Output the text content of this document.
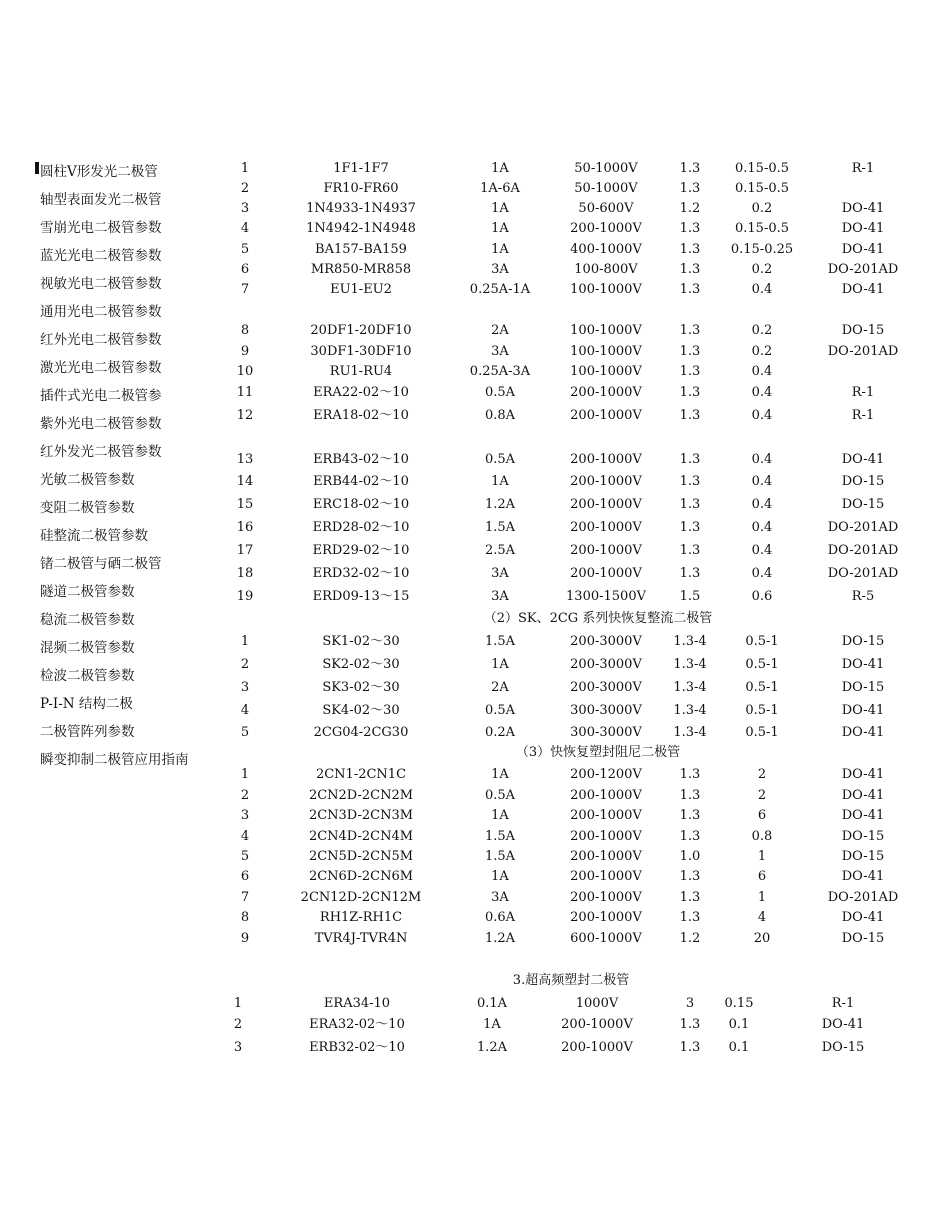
圆柱V形发光二极管
轴型表面发光二极管
雪崩光电二极管参数
蓝光光电二极管参数
视敏光电二极管参数
通用光电二极管参数
红外光电二极管参数
激光光电二极管参数
插件式光电二极管参
紫外光电二极管参数
红外发光二极管参数
光敏二极管参数
变阻二极管参数
硅整流二极管参数
锗二极管与硒二极管
隧道二极管参数
稳流二极管参数
混频二极管参数
检波二极管参数
P-I-N 结构二极
二极管阵列参数
瞬变抑制二极管应用指南
1	1F1-1F7	1A	50-1000V	1.3	0.15-0.5	R-1
2	FR10-FR60	1A-6A	50-1000V	1.3	0.15-0.5
3	1N4933-1N4937	1A	50-600V	1.2	0.2	DO-41
4	1N4942-1N4948	1A	200-1000V	1.3	0.15-0.5	DO-41
5	BA157-BA159	1A	400-1000V	1.3 0.15-0.25	DO-41
6	MR850-MR858	3A	100-800V	1.3	0.2	DO-201AD
7	EU1-EU2	0.25A-1A	100-1000V	1.3	0.4	DO-41
8	20DF1-20DF10	2A	100-1000V	1.3	0.2	DO-15
9	30DF1-30DF10	3A	100-1000V	1.3	0.2	DO-201AD
10	RU1-RU4	0.25A-3A	100-1000V	1.3	0.4
11	ERA22-02～10	0.5A	200-1000V	1.3	0.4	R-1
12	ERA18-02～10	0.8A	200-1000V	1.3	0.4	R-1
13	ERB43-02～10	0.5A	200-1000V	1.3	0.4	DO-41
14	ERB44-02～10	1A	200-1000V	1.3	0.4	DO-15
15	ERC18-02～10	1.2A	200-1000V	1.3	0.4	DO-15
16	ERD28-02～10	1.5A	200-1000V	1.3	0.4	DO-201AD
17	ERD29-02～10	2.5A	200-1000V	1.3	0.4	DO-201AD
18	ERD32-02～10	3A	200-1000V	1.3	0.4	DO-201AD
19	ERD09-13～15	3A	1300-1500V	1.5	0.6	R-5
（2）SK、2CG 系列快恢复整流二极管
1	SK1-02～30	1.5A	200-3000V 1.3-4	0.5-1	DO-15
2	SK2-02～30	1A	200-3000V 1.3-4	0.5-1	DO-41
3	SK3-02～30	2A	200-3000V 1.3-4	0.5-1	DO-15
4	SK4-02～30	0.5A	300-3000V 1.3-4	0.5-1	DO-41
5	2CG04-2CG30	0.2A	300-3000V 1.3-4	0.5-1	DO-41
（3）快恢复塑封阻尼二极管
1	2CN1-2CN1C	1A	200-1200V	1.3	2	DO-41
2	2CN2D-2CN2M	0.5A	200-1000V	1.3	2	DO-41
3	2CN3D-2CN3M	1A	200-1000V	1.3	6	DO-41
4	2CN4D-2CN4M	1.5A	200-1000V	1.3	0.8	DO-15
5	2CN5D-2CN5M	1.5A	200-1000V	1.0	1	DO-15
6	2CN6D-2CN6M	1A	200-1000V	1.3	6	DO-41
7	2CN12D-2CN12M	3A	200-1000V	1.3	1	DO-201AD
8	RH1Z-RH1C	0.6A	200-1000V	1.3	4	DO-41
9	TVR4J-TVR4N	1.2A	600-1000V	1.2	20	DO-15
3.超高频塑封二极管
1	ERA34-10	0.1A	1000V	3 0.15	R-1
2	ERA32-02～10	1A	200-1000V	1.3 0.1	DO-41
3	ERB32-02～10	1.2A	200-1000V	1.3 0.1	DO-15
